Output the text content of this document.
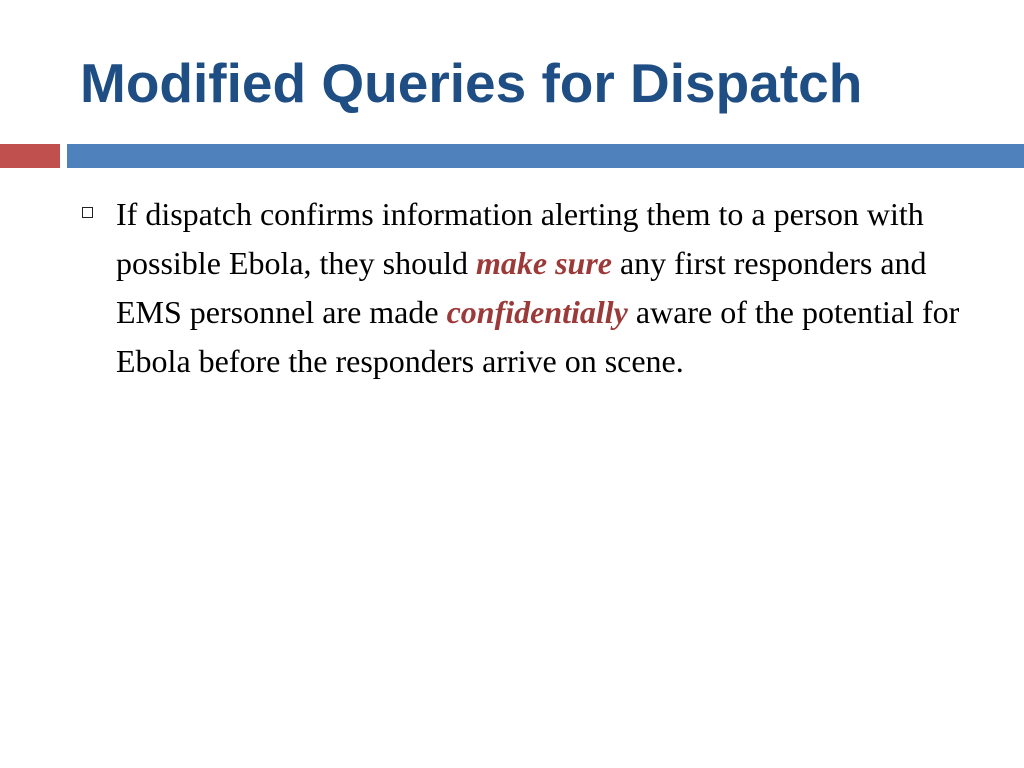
Modified Queries for Dispatch
If dispatch confirms information alerting them to a person with possible Ebola, they should make sure any first responders and EMS personnel are made confidentially aware of the potential for Ebola before the responders arrive on scene.
